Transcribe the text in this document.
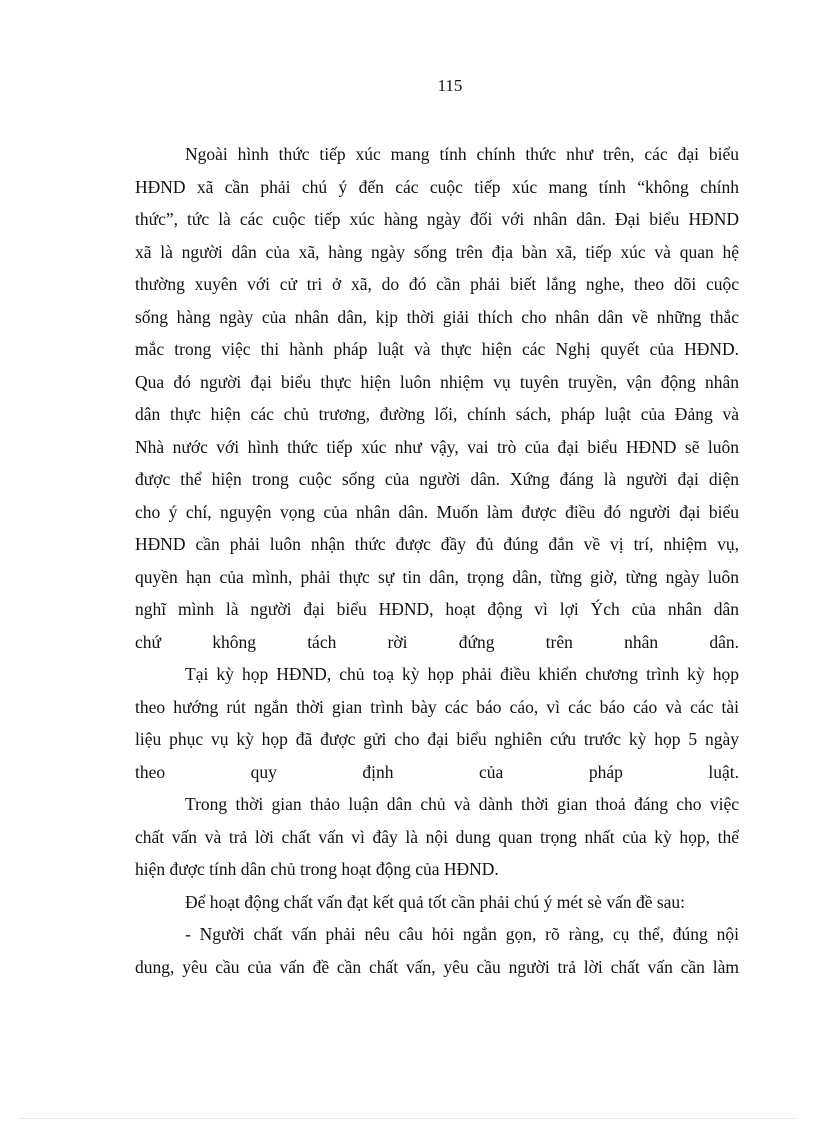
115
Ngoài hình thức tiếp xúc mang tính chính thức như trên, các đại biểu
HĐND xã cần phải chú ý đến các cuộc tiếp xúc mang tính “không chính
thức”, tức là các cuộc tiếp xúc hàng ngày đối với nhân dân. Đại biểu HĐND
xã là người dân của xã, hàng ngày sống trên địa bàn xã, tiếp xúc và quan hệ
thường xuyên với cử tri ở xã, do đó cần phải biết lắng nghe, theo dõi cuộc
sống hàng ngày của nhân dân, kịp thời giải thích cho nhân dân về những thắc
mắc trong việc thi hành pháp luật và thực hiện các Nghị quyết của HĐND.
Qua đó người đại biểu thực hiện luôn nhiệm vụ tuyên truyền, vận động nhân
dân thực hiện các chủ trương, đường lối, chính sách, pháp luật của Đảng và
Nhà nước với hình thức tiếp xúc như vậy, vai trò của đại biểu HĐND sẽ luôn
được thể hiện trong cuộc sống của người dân. Xứng đáng là người đại diện
cho ý chí, nguyện vọng của nhân dân. Muốn làm được điều đó người đại biểu
HĐND cần phải luôn nhận thức được đầy đủ đúng đắn về vị trí, nhiệm vụ,
quyền hạn của mình, phải thực sự tin dân, trọng dân, từng giờ, từng ngày luôn
nghĩ mình là người đại biểu HĐND, hoạt động vì lợi Ých của nhân dân
chứ không tách rời đứng trên nhân dân.
Tại kỳ họp HĐND, chủ toạ kỳ họp phải điều khiển chương trình kỳ họp
theo hướng rút ngắn thời gian trình bày các báo cáo, vì các báo cáo và các tài
liệu phục vụ kỳ họp đã được gửi cho đại biểu nghiên cứu trước kỳ họp 5 ngày
theo quy định của pháp luật.
Trong thời gian thảo luận dân chủ và dành thời gian thoả đáng cho việc
chất vấn và trả lời chất vấn vì đây là nội dung quan trọng nhất của kỳ họp, thể
hiện được tính dân chủ trong hoạt động của HĐND.
Để hoạt động chất vấn đạt kết quả tốt cần phải chú ý mét sè vấn đề sau:
- Người chất vấn phải nêu câu hỏi ngắn gọn, rõ ràng, cụ thể, đúng nội
dung, yêu cầu của vấn đề cần chất vấn, yêu cầu người trả lời chất vấn cần làm
